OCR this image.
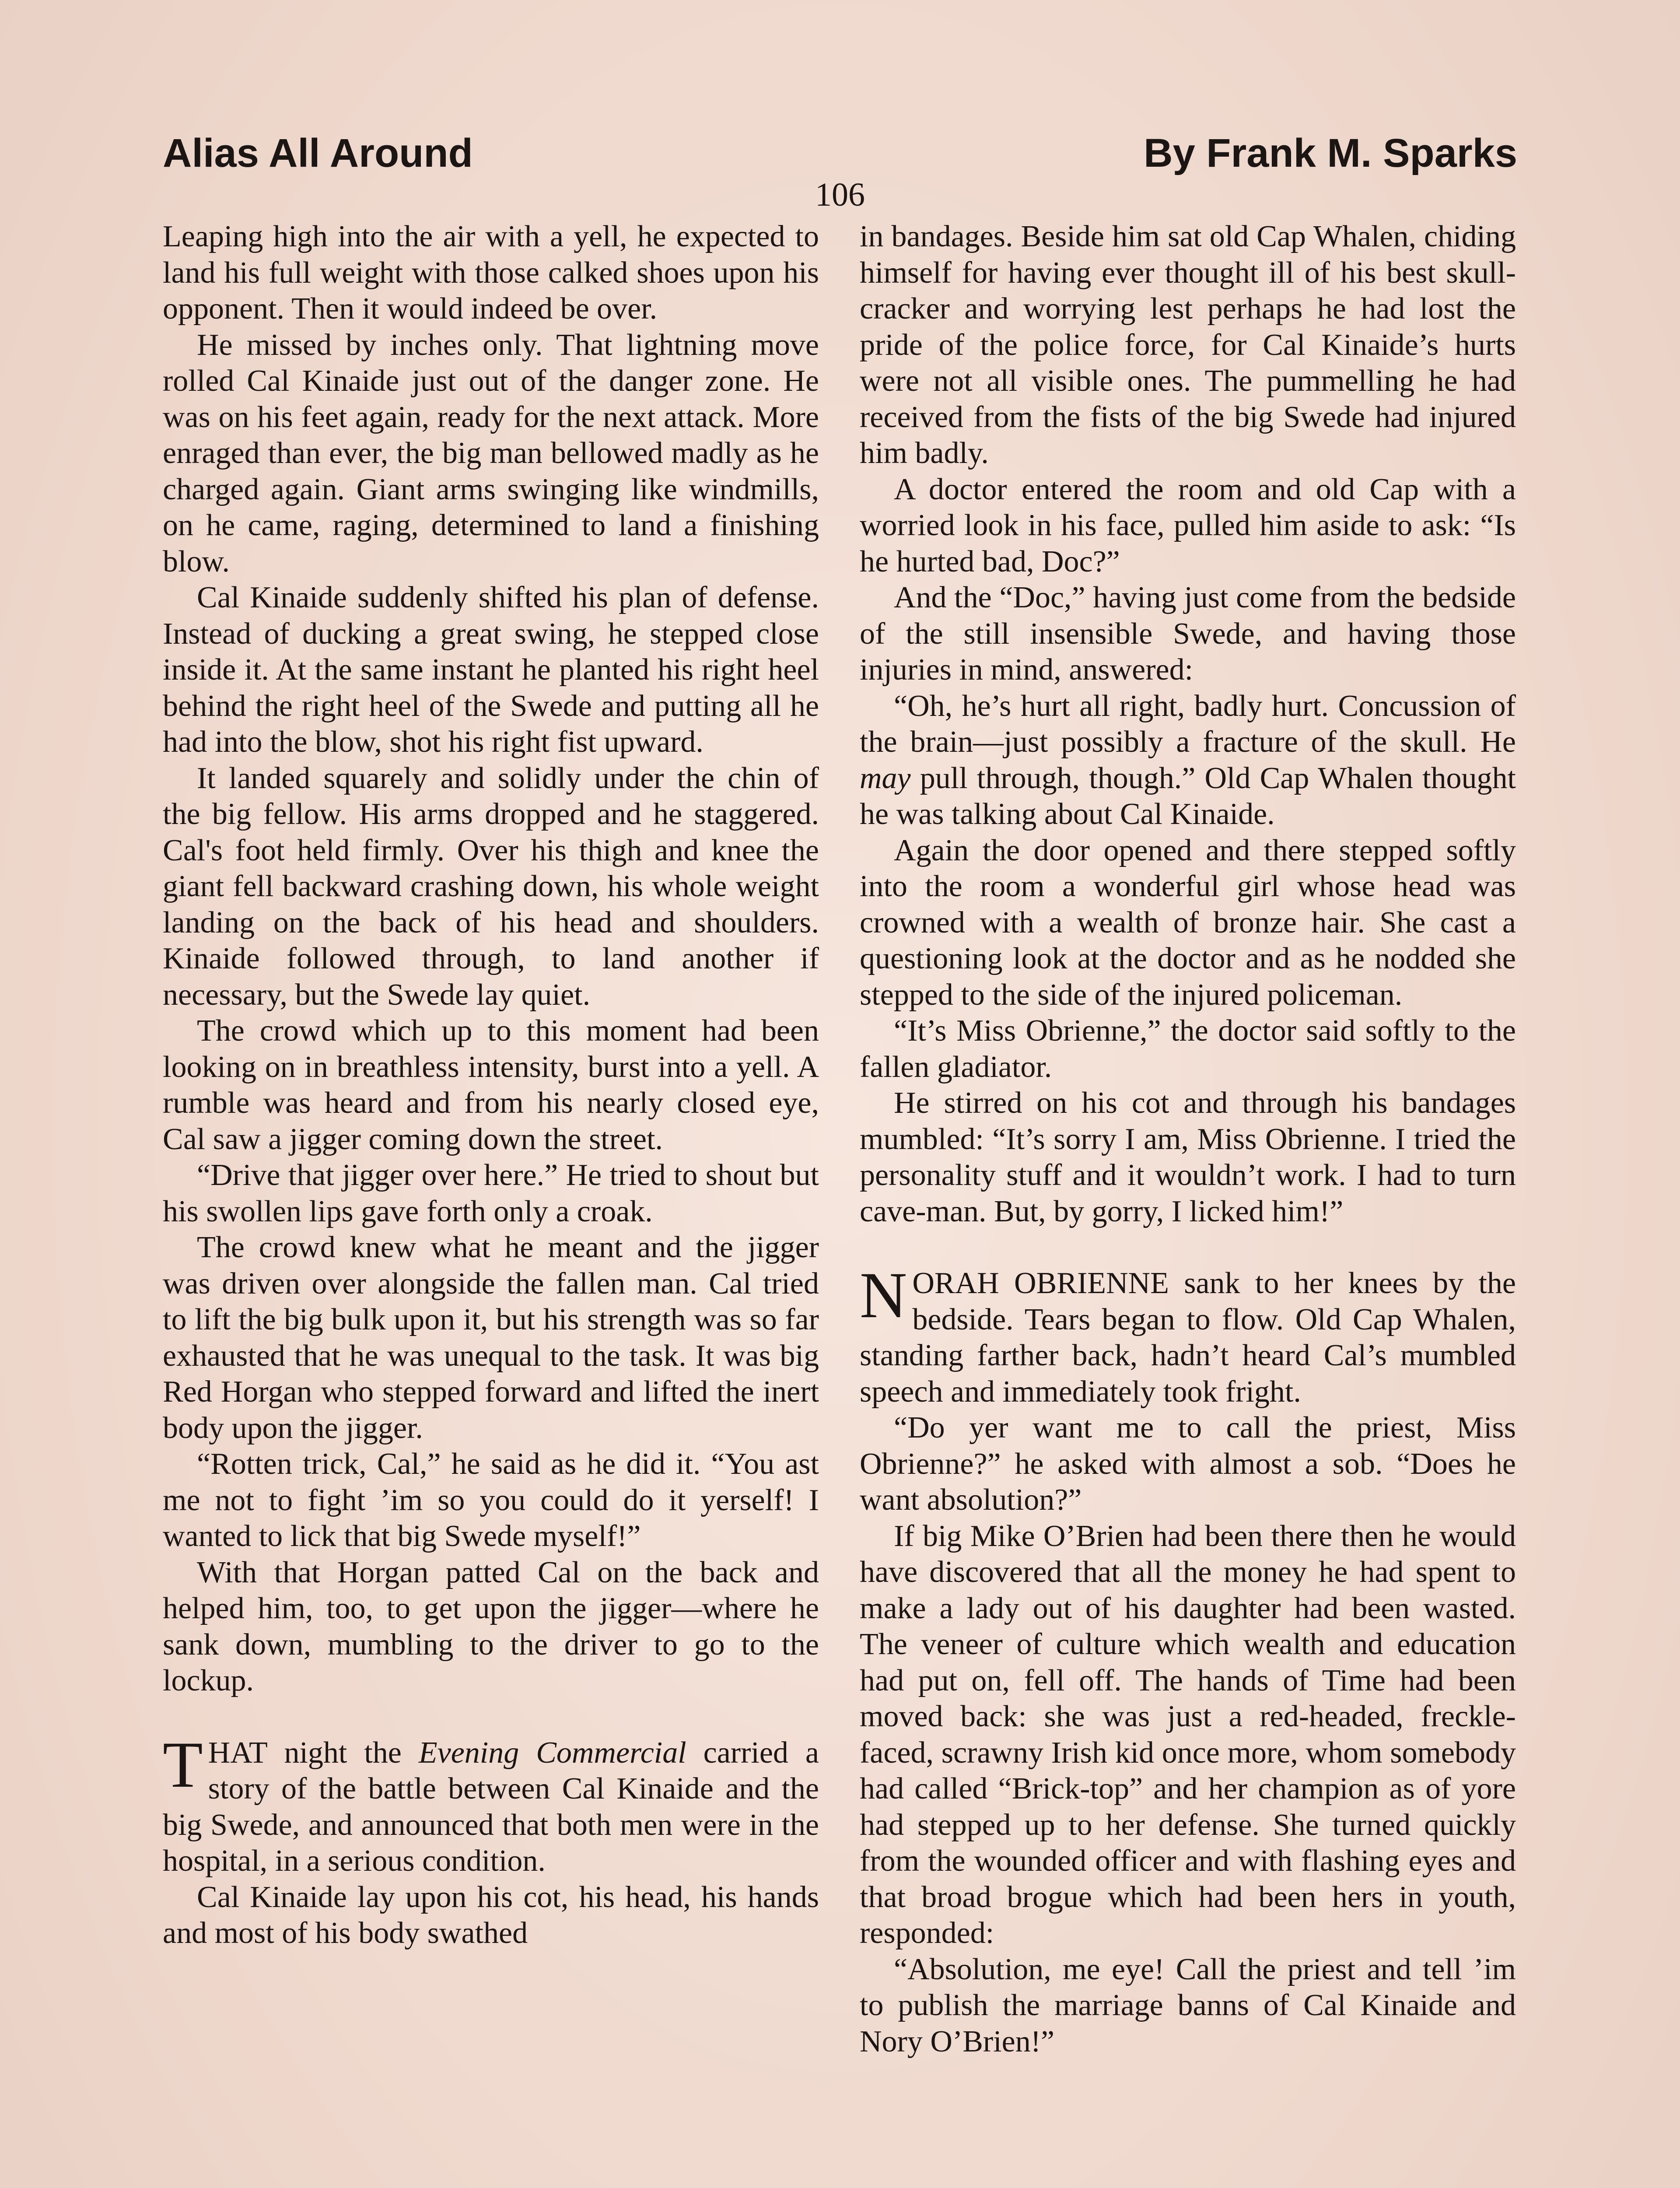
Alias All Around	By Frank M. Sparks
106

Leaping high into the air with a yell, he expected to land his full weight with those calked shoes upon his opponent. Then it would indeed be over.

He missed by inches only. That lightning move rolled Cal Kinaide just out of the danger zone. He was on his feet again, ready for the next attack. More enraged than ever, the big man bellowed madly as he charged again. Giant arms swinging like windmills, on he came, raging, determined to land a finishing blow.

Cal Kinaide suddenly shifted his plan of defense. Instead of ducking a great swing, he stepped close inside it. At the same instant he planted his right heel behind the right heel of the Swede and putting all he had into the blow, shot his right fist upward.

It landed squarely and solidly under the chin of the big fellow. His arms dropped and he staggered. Cal's foot held firmly. Over his thigh and knee the giant fell backward crashing down, his whole weight landing on the back of his head and shoulders. Kinaide followed through, to land another if necessary, but the Swede lay quiet.

The crowd which up to this moment had been looking on in breathless intensity, burst into a yell. A rumble was heard and from his nearly closed eye, Cal saw a jigger coming down the street.

“Drive that jigger over here.” He tried to shout but his swollen lips gave forth only a croak.

The crowd knew what he meant and the jigger was driven over alongside the fallen man. Cal tried to lift the big bulk upon it, but his strength was so far exhausted that he was unequal to the task. It was big Red Horgan who stepped forward and lifted the inert body upon the jigger.

“Rotten trick, Cal,” he said as he did it. “You ast me not to fight ’im so you could do it yerself! I wanted to lick that big Swede myself!”

With that Horgan patted Cal on the back and helped him, too, to get upon the jigger—where he sank down, mumbling to the driver to go to the lockup.

THAT night the Evening Commercial carried a story of the battle between Cal Kinaide and the big Swede, and announced that both men were in the hospital, in a serious condition.

Cal Kinaide lay upon his cot, his head, his hands and most of his body swathed

in bandages. Beside him sat old Cap Whalen, chiding himself for having ever thought ill of his best skull-cracker and worrying lest perhaps he had lost the pride of the police force, for Cal Kinaide’s hurts were not all visible ones. The pummelling he had received from the fists of the big Swede had injured him badly.

A doctor entered the room and old Cap with a worried look in his face, pulled him aside to ask: “Is he hurted bad, Doc?”

And the “Doc,” having just come from the bedside of the still insensible Swede, and having those injuries in mind, answered:

“Oh, he’s hurt all right, badly hurt. Concussion of the brain—just possibly a fracture of the skull. He may pull through, though.” Old Cap Whalen thought he was talking about Cal Kinaide.

Again the door opened and there stepped softly into the room a wonderful girl whose head was crowned with a wealth of bronze hair. She cast a questioning look at the doctor and as he nodded she stepped to the side of the injured policeman.

“It’s Miss Obrienne,” the doctor said softly to the fallen gladiator.

He stirred on his cot and through his bandages mumbled: “It’s sorry I am, Miss Obrienne. I tried the personality stuff and it wouldn’t work. I had to turn cave-man. But, by gorry, I licked him!”

NORAH OBRIENNE sank to her knees by the bedside. Tears began to flow. Old Cap Whalen, standing farther back, hadn’t heard Cal’s mumbled speech and immediately took fright.

“Do yer want me to call the priest, Miss Obrienne?” he asked with almost a sob. “Does he want absolution?”

If big Mike O’Brien had been there then he would have discovered that all the money he had spent to make a lady out of his daughter had been wasted. The veneer of culture which wealth and education had put on, fell off. The hands of Time had been moved back: she was just a red-headed, freckle-faced, scrawny Irish kid once more, whom somebody had called “Brick-top” and her champion as of yore had stepped up to her defense. She turned quickly from the wounded officer and with flashing eyes and that broad brogue which had been hers in youth, responded:

“Absolution, me eye! Call the priest and tell ’im to publish the marriage banns of Cal Kinaide and Nory O’Brien!”
